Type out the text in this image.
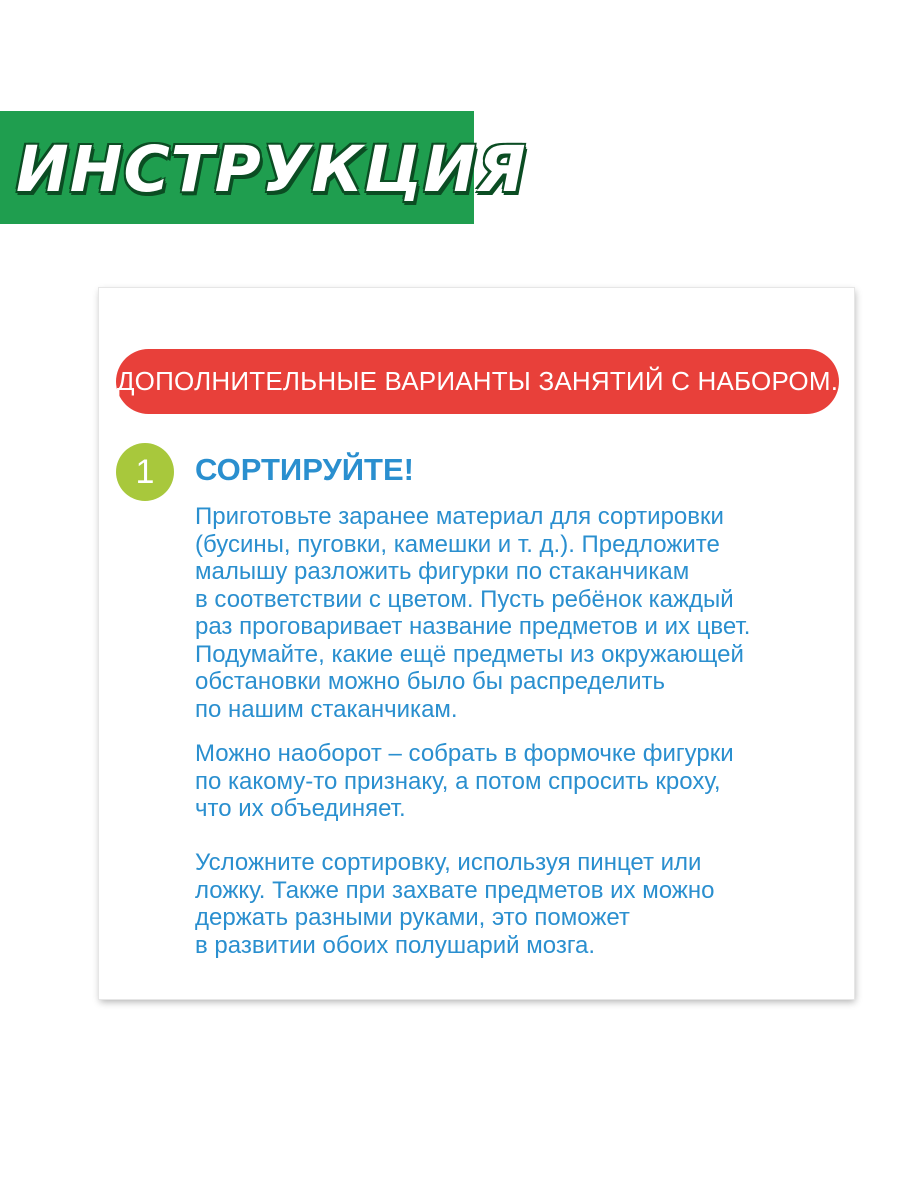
ИНСТРУКЦИЯ
ДОПОЛНИТЕЛЬНЫЕ ВАРИАНТЫ ЗАНЯТИЙ С НАБОРОМ.
1	СОРТИРУЙТЕ!

Приготовьте заранее материал для сортировки
(бусины, пуговки, камешки и т. д.). Предложите
малышу разложить фигурки по стаканчикам
в соответствии с цветом. Пусть ребёнок каждый
раз проговаривает название предметов и их цвет.
Подумайте, какие ещё предметы из окружающей
обстановки можно было бы распределить
по нашим стаканчикам.

Можно наоборот – собрать в формочке фигурки
по какому-то признаку, а потом спросить кроху,
что их объединяет.

Усложните сортировку, используя пинцет или
ложку. Также при захвате предметов их можно
держать разными руками, это поможет
в развитии обоих полушарий мозга.
